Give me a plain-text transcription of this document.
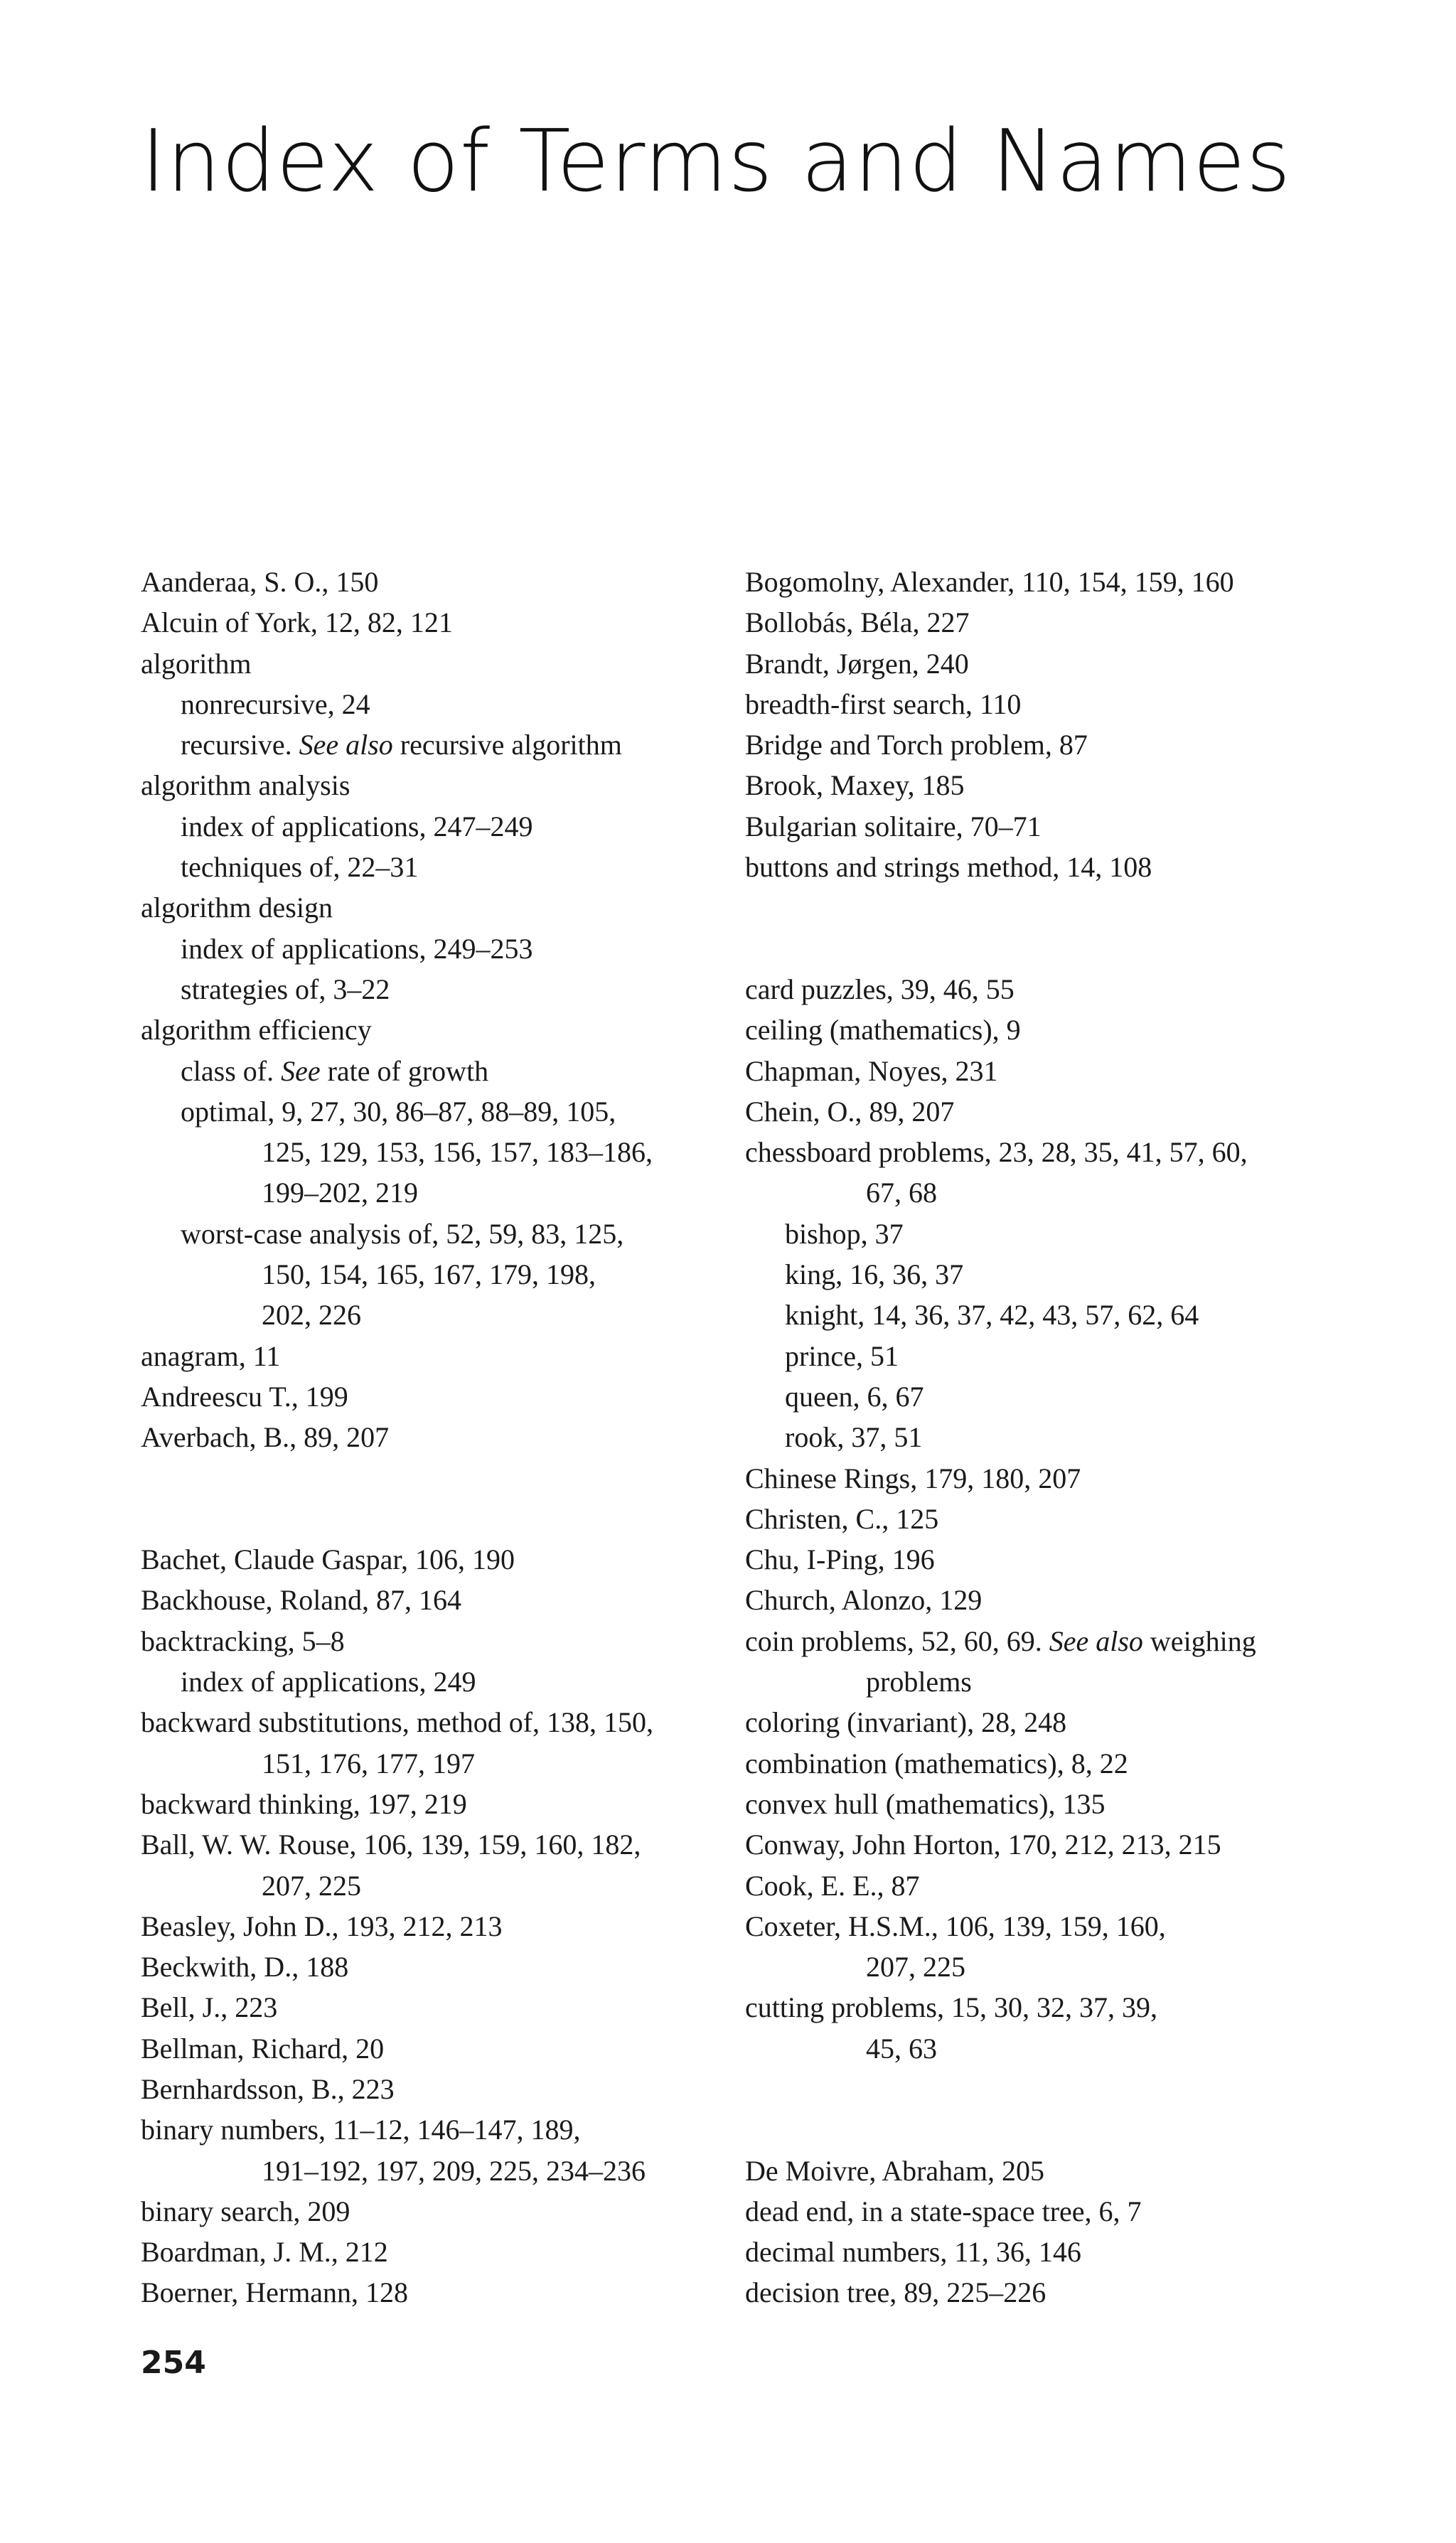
Index of Terms and Names
Aanderaa, S. O., 150
Alcuin of York, 12, 82, 121
algorithm
nonrecursive, 24
recursive. See also recursive algorithm
algorithm analysis
index of applications, 247–249
techniques of, 22–31
algorithm design
index of applications, 249–253
strategies of, 3–22
algorithm efficiency
class of. See rate of growth
optimal, 9, 27, 30, 86–87, 88–89, 105,
125, 129, 153, 156, 157, 183–186,
199–202, 219
worst-case analysis of, 52, 59, 83, 125,
150, 154, 165, 167, 179, 198,
202, 226
anagram, 11
Andreescu T., 199
Averbach, B., 89, 207
Bachet, Claude Gaspar, 106, 190
Backhouse, Roland, 87, 164
backtracking, 5–8
index of applications, 249
backward substitutions, method of, 138, 150,
151, 176, 177, 197
backward thinking, 197, 219
Ball, W. W. Rouse, 106, 139, 159, 160, 182,
207, 225
Beasley, John D., 193, 212, 213
Beckwith, D., 188
Bell, J., 223
Bellman, Richard, 20
Bernhardsson, B., 223
binary numbers, 11–12, 146–147, 189,
191–192, 197, 209, 225, 234–236
binary search, 209
Boardman, J. M., 212
Boerner, Hermann, 128
Bogomolny, Alexander, 110, 154, 159, 160
Bollobás, Béla, 227
Brandt, Jørgen, 240
breadth-first search, 110
Bridge and Torch problem, 87
Brook, Maxey, 185
Bulgarian solitaire, 70–71
buttons and strings method, 14, 108
card puzzles, 39, 46, 55
ceiling (mathematics), 9
Chapman, Noyes, 231
Chein, O., 89, 207
chessboard problems, 23, 28, 35, 41, 57, 60,
67, 68
bishop, 37
king, 16, 36, 37
knight, 14, 36, 37, 42, 43, 57, 62, 64
prince, 51
queen, 6, 67
rook, 37, 51
Chinese Rings, 179, 180, 207
Christen, C., 125
Chu, I-Ping, 196
Church, Alonzo, 129
coin problems, 52, 60, 69. See also weighing
problems
coloring (invariant), 28, 248
combination (mathematics), 8, 22
convex hull (mathematics), 135
Conway, John Horton, 170, 212, 213, 215
Cook, E. E., 87
Coxeter, H.S.M., 106, 139, 159, 160,
207, 225
cutting problems, 15, 30, 32, 37, 39,
45, 63
De Moivre, Abraham, 205
dead end, in a state-space tree, 6, 7
decimal numbers, 11, 36, 146
decision tree, 89, 225–226
254
